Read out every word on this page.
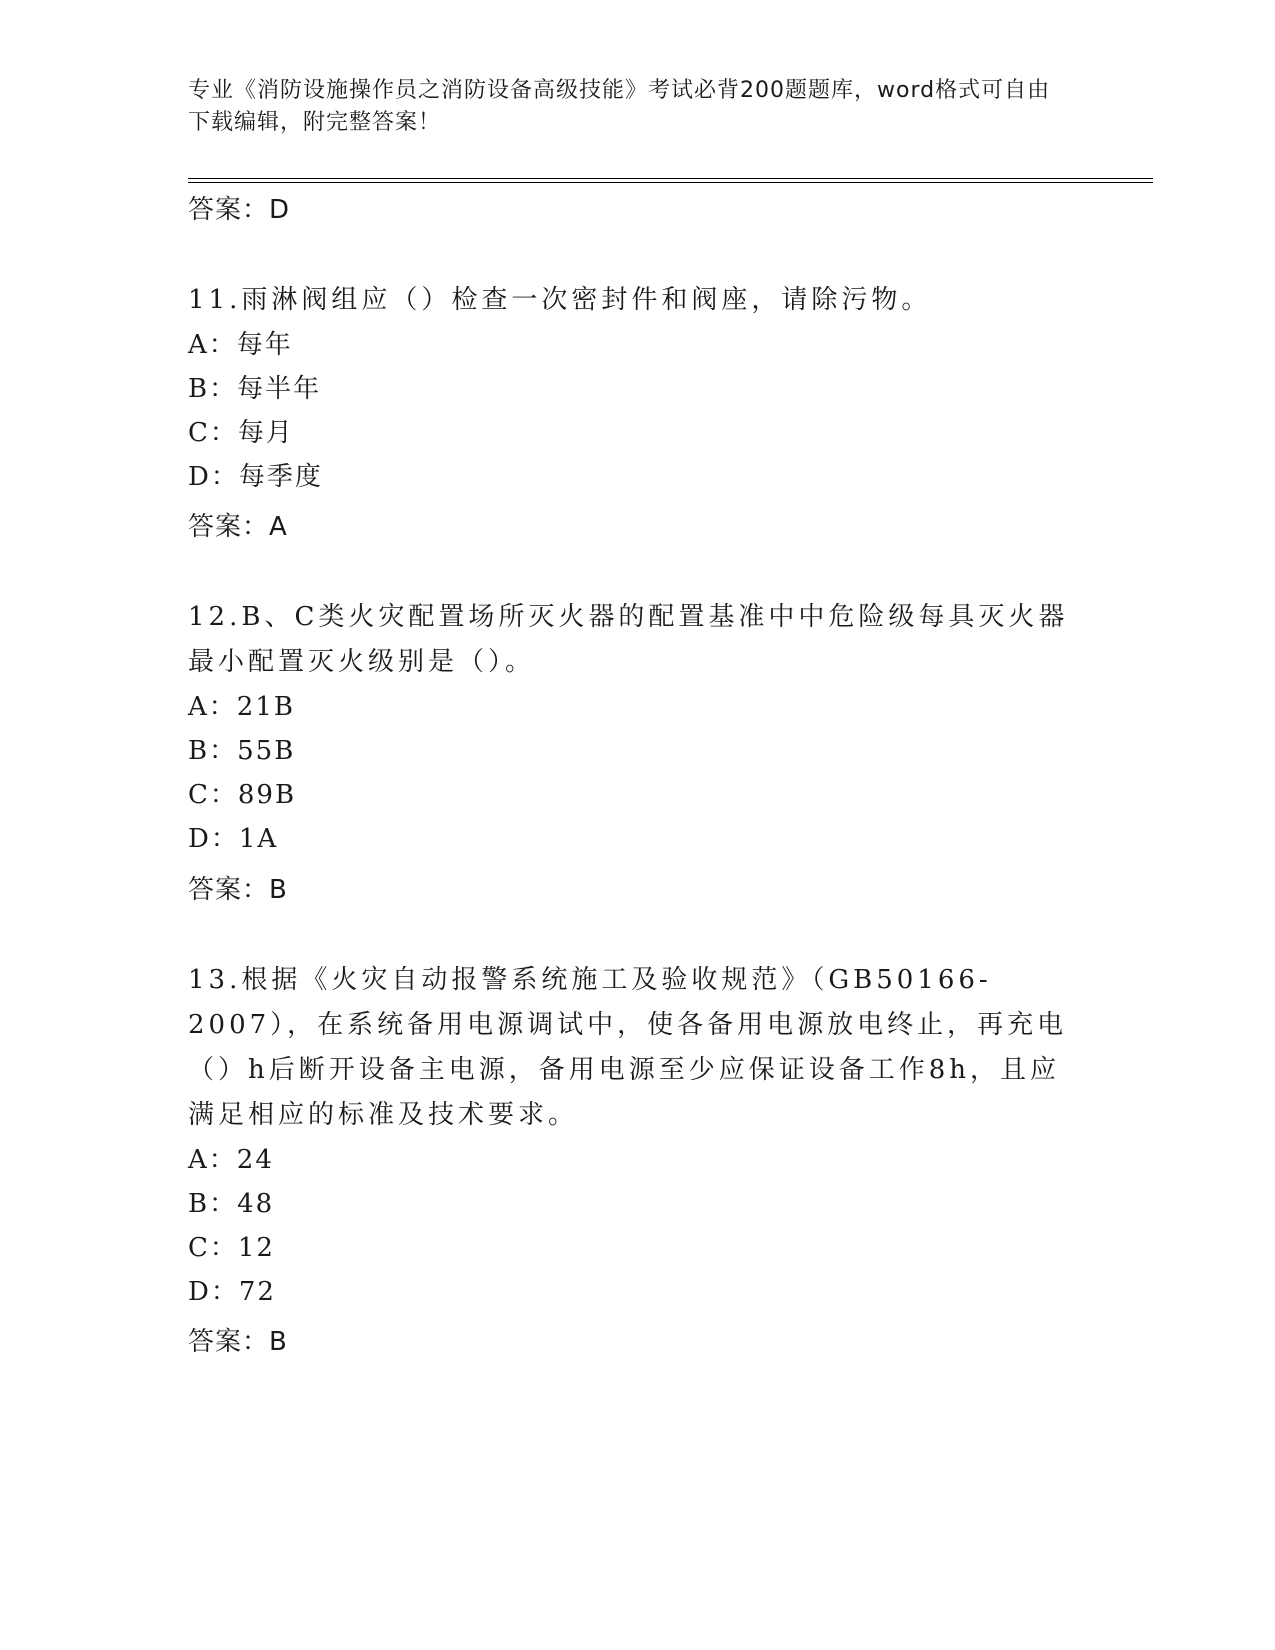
专业《消防设施操作员之消防设备高级技能》考试必背200题题库，word格式可自由下载编辑，附完整答案！
答案：D
11.雨淋阀组应（）检查一次密封件和阀座，请除污物。
A：每年
B：每半年
C：每月
D：每季度
答案：A
12.B、C类火灾配置场所灭火器的配置基准中中危险级每具灭火器最小配置灭火级别是（）。
A：21B
B：55B
C：89B
D：1A
答案：B
13.根据《火灾自动报警系统施工及验收规范》（GB50166-2007），在系统备用电源调试中，使各备用电源放电终止，再充电（）h后断开设备主电源，备用电源至少应保证设备工作8h，且应满足相应的标准及技术要求。
A：24
B：48
C：12
D：72
答案：B
